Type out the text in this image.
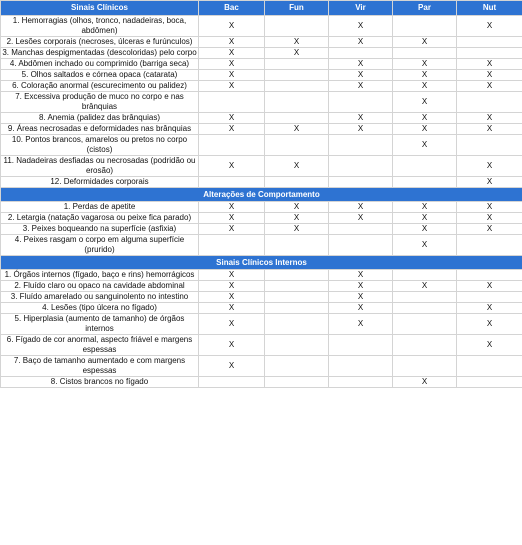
Sinais Clínicos	Bac	Fun	Vir	Par	Nut
1. Hemorragias (olhos, tronco, nadadeiras, boca, abdômen)	X		X		X
2. Lesões corporais (necroses, úlceras e furúnculos)	X	X	X	X	
3. Manchas despigmentadas (descoloridas) pelo corpo	X	X			
4. Abdômen inchado ou comprimido (barriga seca)	X		X	X	X
5. Olhos saltados e córnea opaca (catarata)	X		X	X	X
6. Coloração anormal (escurecimento ou palidez)	X		X	X	X
7. Excessiva produção de muco no corpo e nas brânquias				X	
8. Anemia (palidez das brânquias)	X		X	X	X
9. Áreas necrosadas e deformidades nas brânquias	X	X	X	X	X
10. Pontos brancos, amarelos ou pretos no corpo (cistos)				X	
11. Nadadeiras desfiadas ou necrosadas (podridão ou erosão)	X	X			X
12. Deformidades corporais					X
Alterações de Comportamento					
1. Perdas de apetite	X	X	X	X	X
2. Letargia (natação vagarosa ou peixe fica parado)	X	X	X	X	X
3. Peixes boqueando na superfície (asfixia)	X	X		X	X
4. Peixes rasgam o corpo em alguma superfície (prurido)				X	
Sinais Clínicos Internos					
1. Órgãos internos (fígado, baço e rins) hemorrágicos	X		X		
2. Fluído claro ou opaco na cavidade abdominal	X		X	X	X
3. Fluído amarelado ou sanguinolento no intestino	X		X		
4. Lesões (tipo úlcera no fígado)	X		X		X
5. Hiperplasia (aumento de tamanho) de órgãos internos	X		X		X
6. Fígado de cor anormal, aspecto friável e margens espessas	X				X
7. Baço de tamanho aumentado e com margens espessas	X				
8. Cistos brancos no fígado				X	
